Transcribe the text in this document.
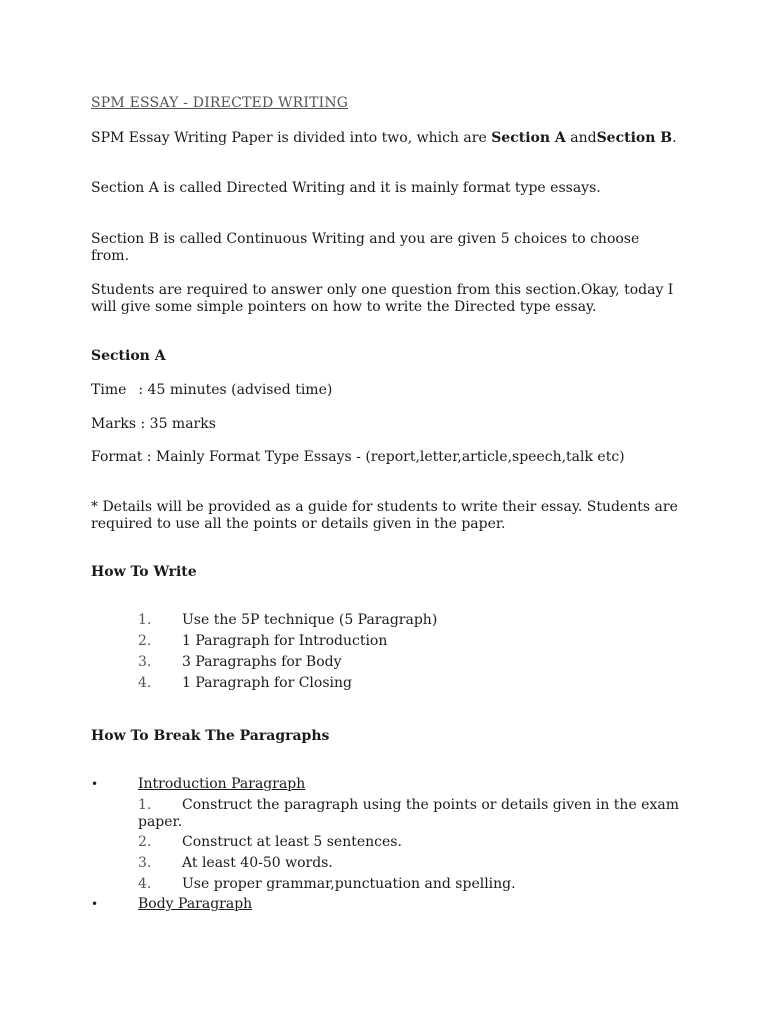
SPM ESSAY - DIRECTED WRITING

SPM Essay Writing Paper is divided into two, which are Section A andSection B.

Section A is called Directed Writing and it is mainly format type essays.

Section B is called Continuous Writing and you are given 5 choices to choose from.

Students are required to answer only one question from this section.Okay, today I
will give some simple pointers on how to write the Directed type essay.

Section A

Time : 45 minutes (advised time)

Marks : 35 marks

Format : Mainly Format Type Essays - (report,letter,article,speech,talk etc)

* Details will be provided as a guide for students to write their essay. Students are
required to use all the points or details given in the paper.

How To Write

1. Use the 5P technique (5 Paragraph)
2. 1 Paragraph for Introduction
3. 3 Paragraphs for Body
4. 1 Paragraph for Closing

How To Break The Paragraphs

•	Introduction Paragraph
1. Construct the paragraph using the points or details given in the exam
paper.
2. Construct at least 5 sentences.
3. At least 40-50 words.
4. Use proper grammar,punctuation and spelling.
•	Body Paragraph
